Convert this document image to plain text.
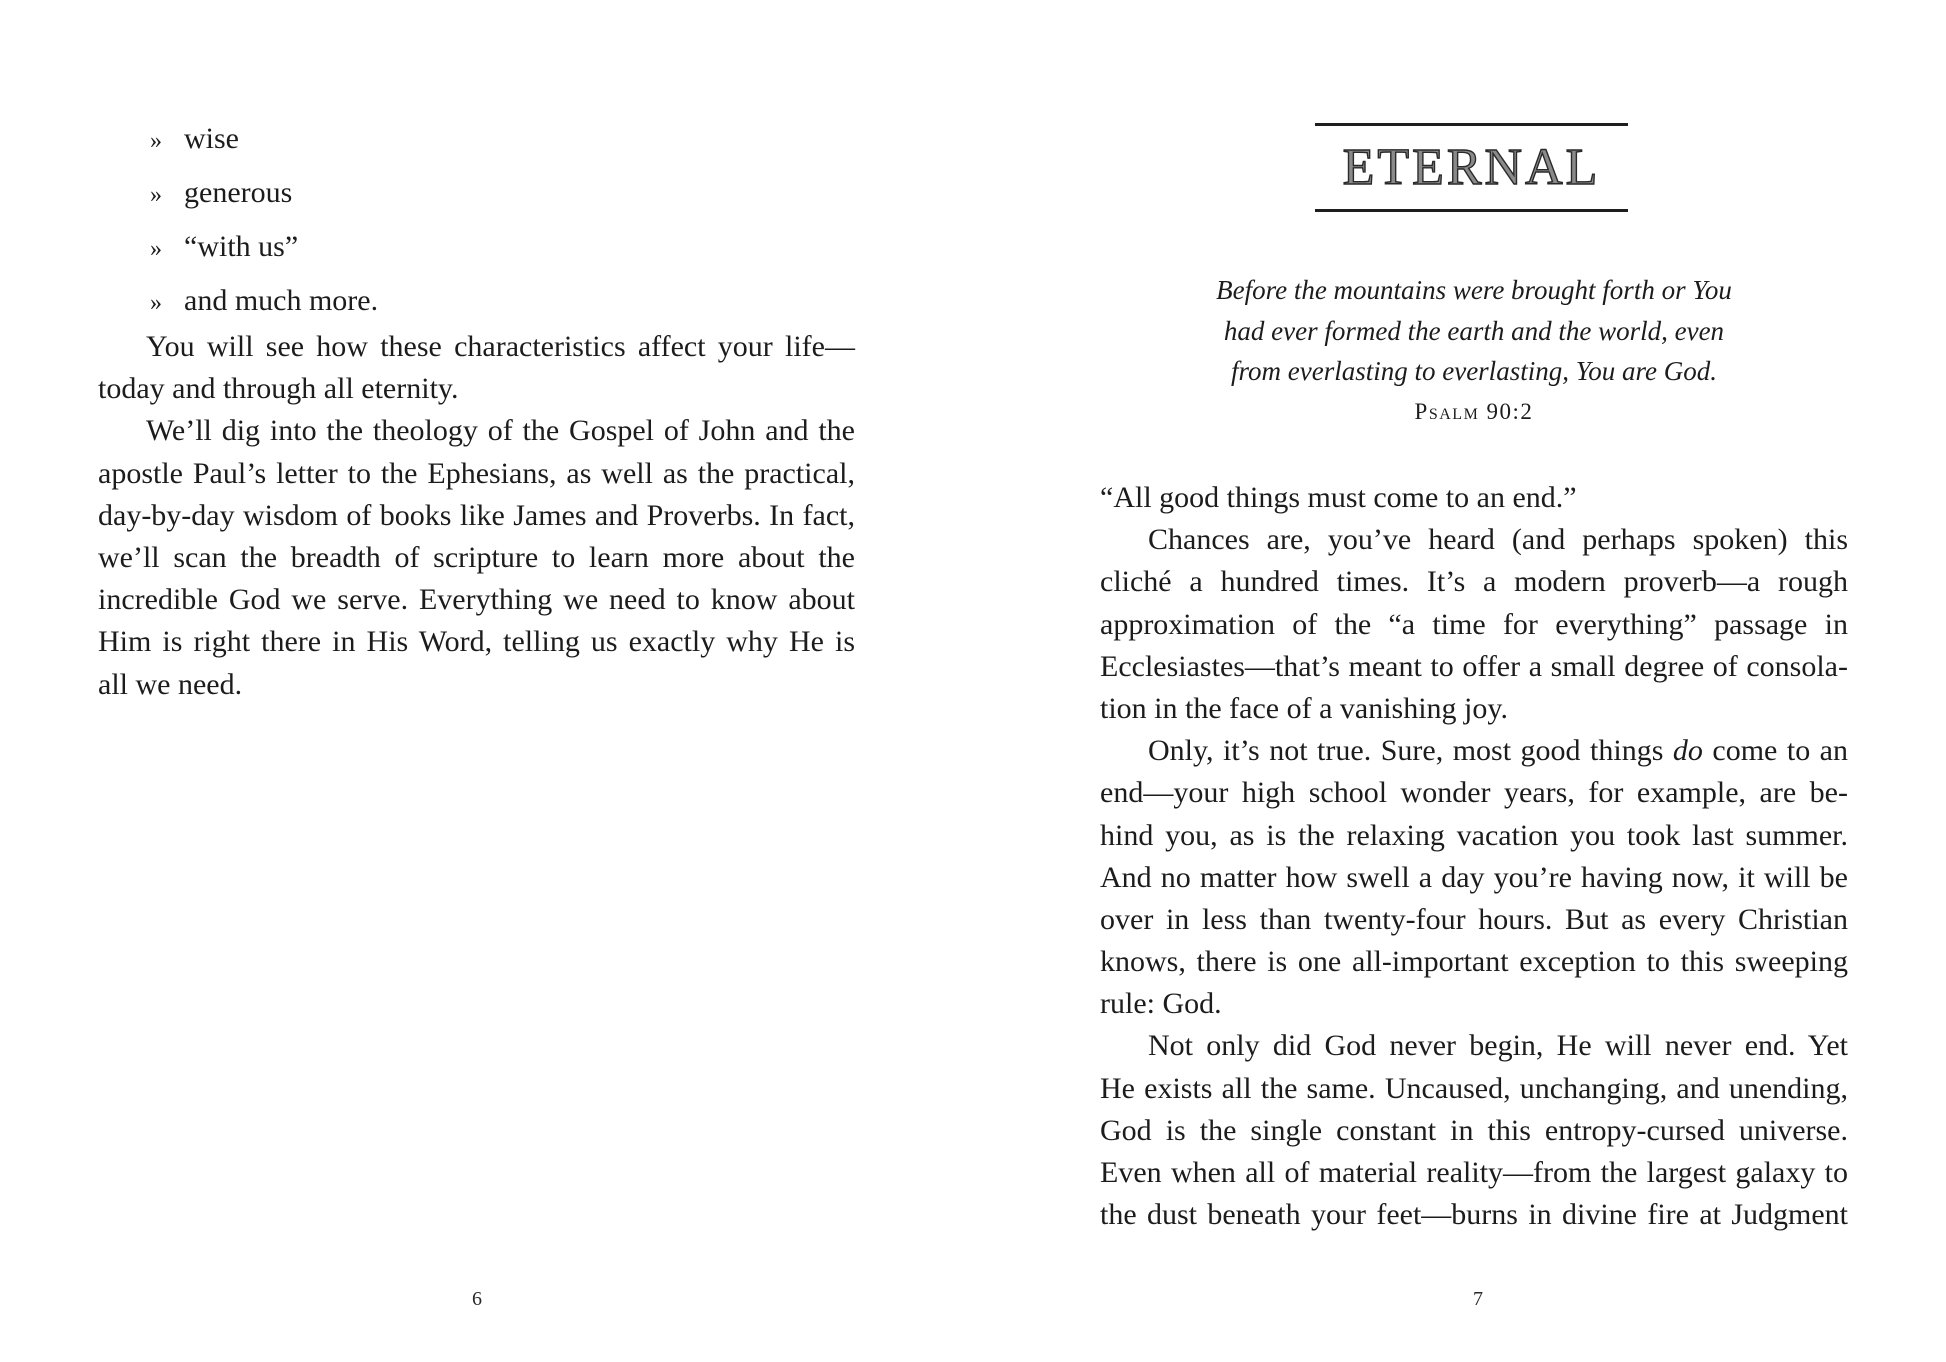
» wise
» generous
» “with us”
» and much more.
You will see how these characteristics affect your life—
today and through all eternity.
We’ll dig into the theology of the Gospel of John and the
apostle Paul’s letter to the Ephesians, as well as the practical,
day-by-day wisdom of books like James and Proverbs. In fact,
we’ll scan the breadth of scripture to learn more about the
incredible God we serve. Everything we need to know about
Him is right there in His Word, telling us exactly why He is
all we need.
6
ETERNAL
Before the mountains were brought forth or You
had ever formed the earth and the world, even
from everlasting to everlasting, You are God.
Psalm 90:2
“All good things must come to an end.”
Chances are, you’ve heard (and perhaps spoken) this
cliché a hundred times. It’s a modern proverb—a rough
approximation of the “a time for everything” passage in
Ecclesiastes—that’s meant to offer a small degree of consola-
tion in the face of a vanishing joy.
Only, it’s not true. Sure, most good things do come to an
end—your high school wonder years, for example, are be-
hind you, as is the relaxing vacation you took last summer.
And no matter how swell a day you’re having now, it will be
over in less than twenty-four hours. But as every Christian
knows, there is one all-important exception to this sweeping
rule: God.
Not only did God never begin, He will never end. Yet
He exists all the same. Uncaused, unchanging, and unending,
God is the single constant in this entropy-cursed universe.
Even when all of material reality—from the largest galaxy to
the dust beneath your feet—burns in divine fire at Judgment
7
